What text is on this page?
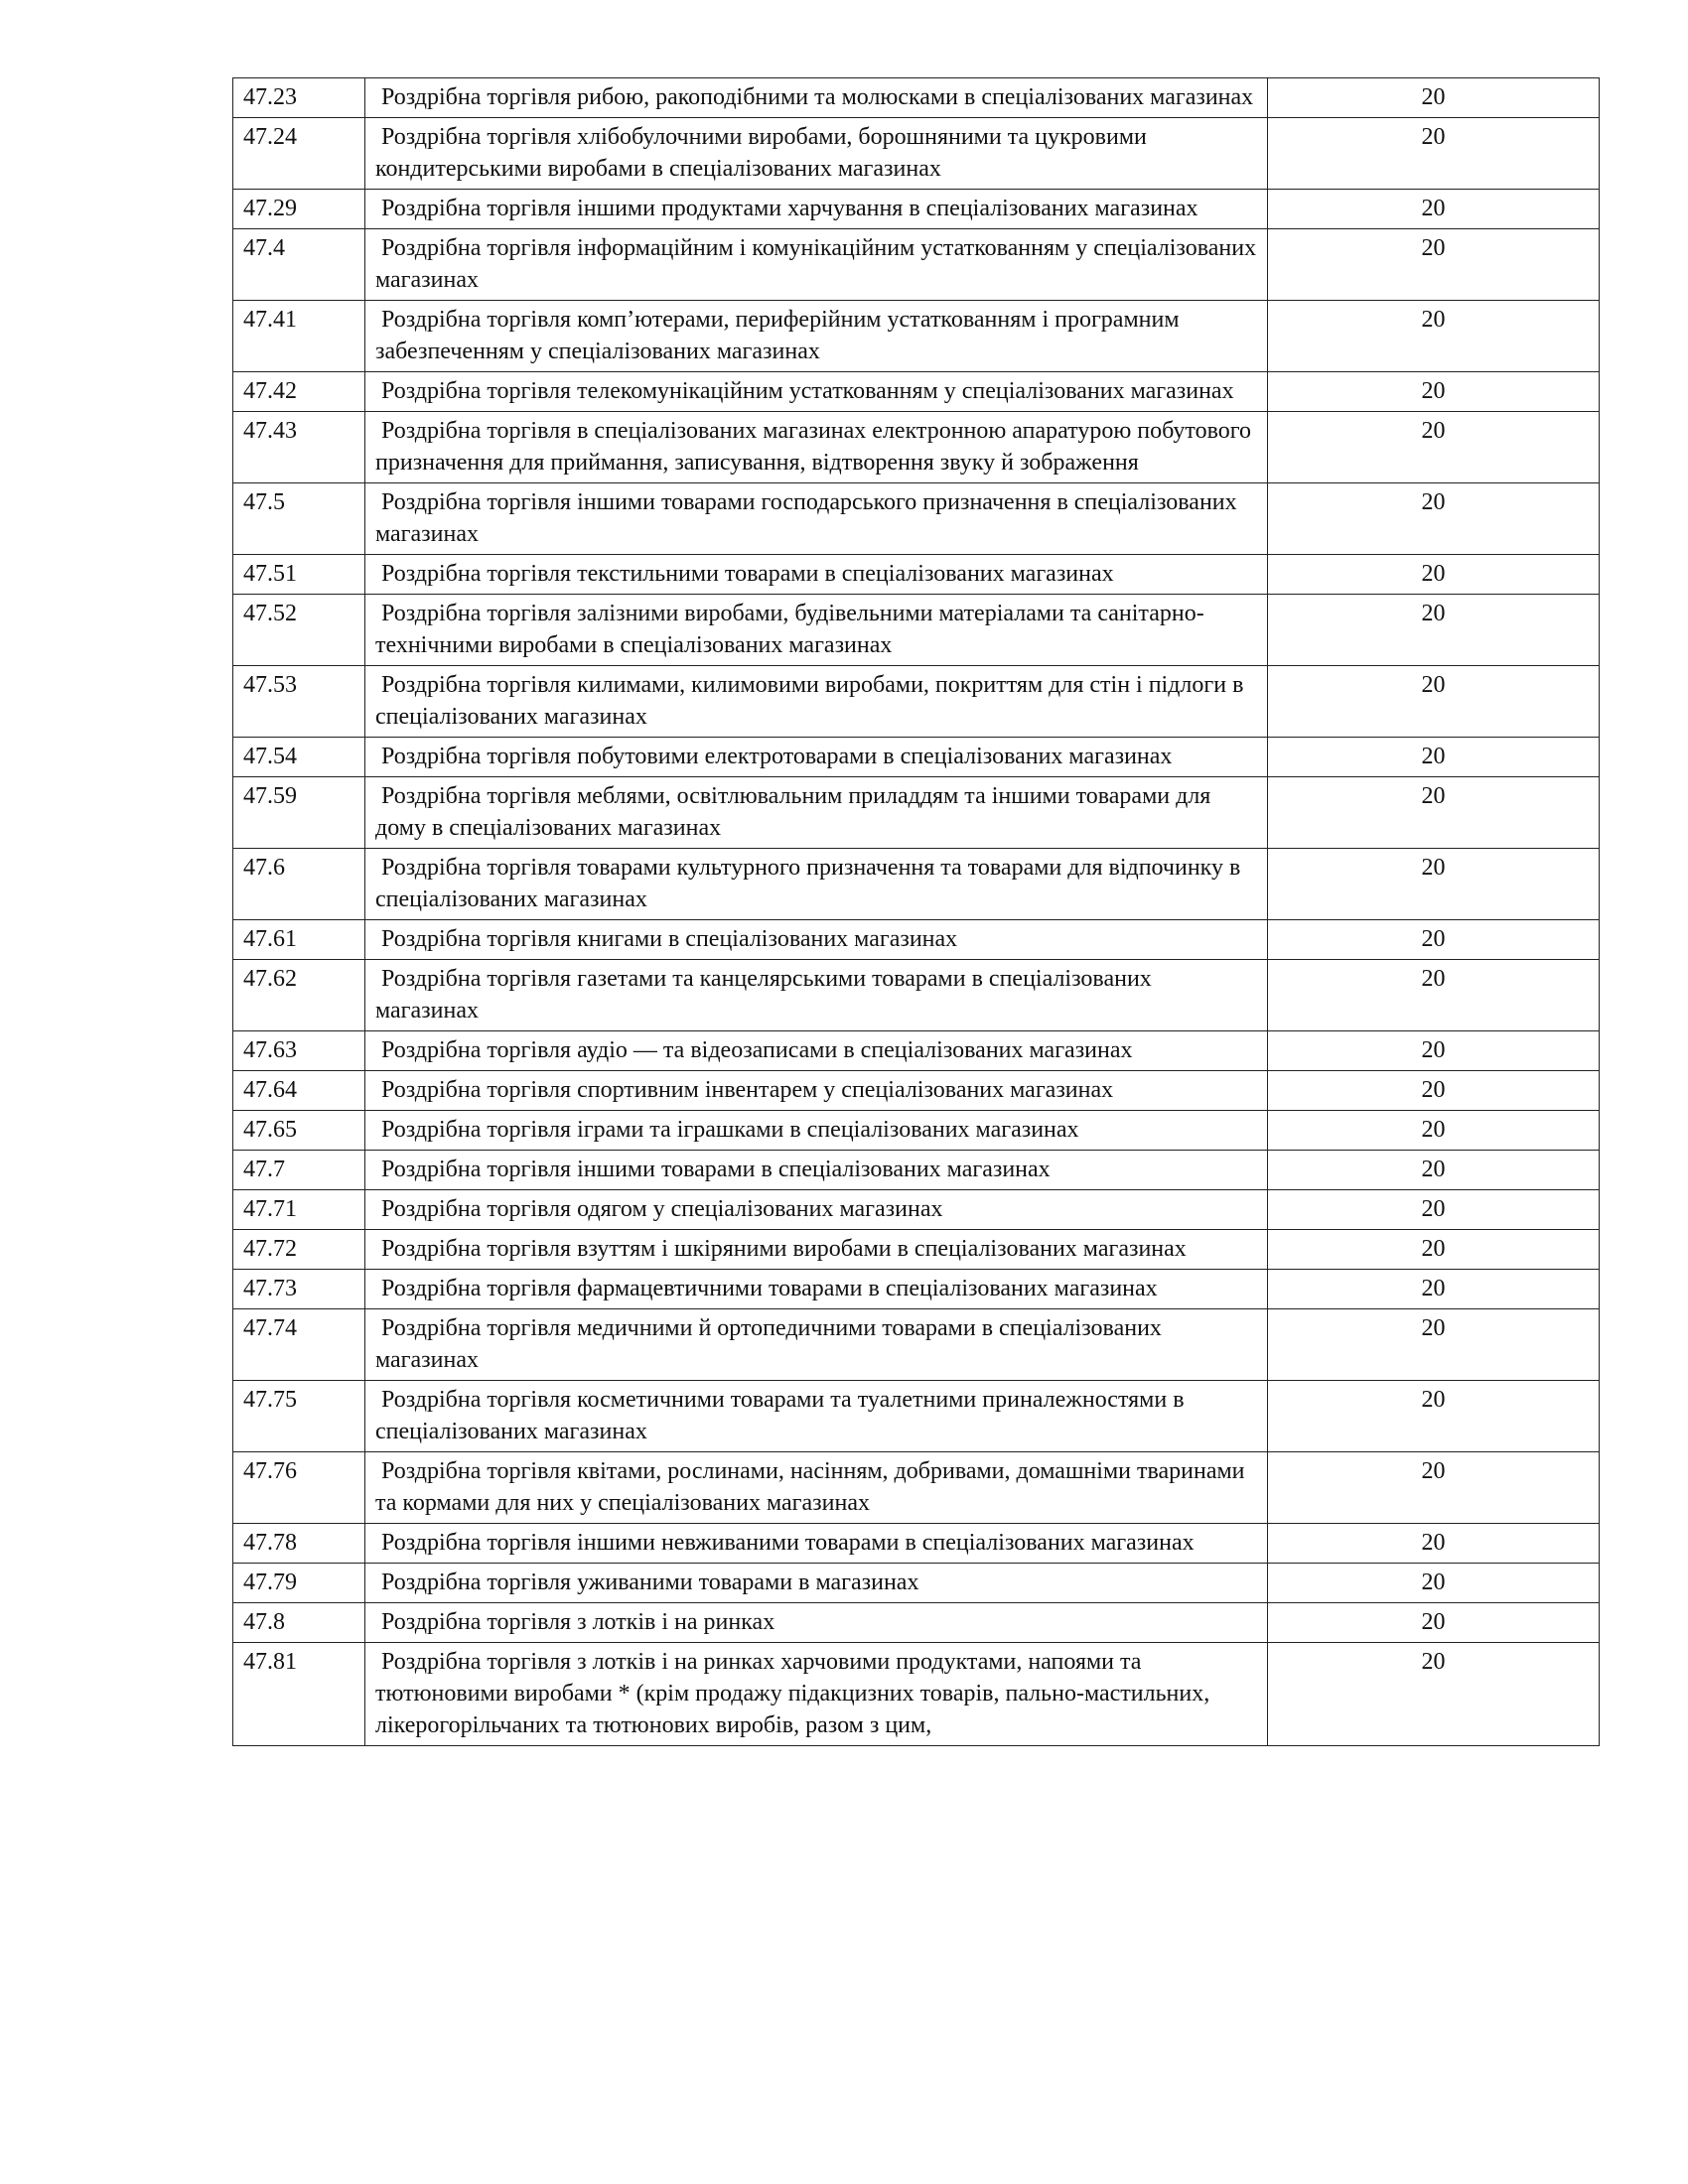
47.23	Роздрібна торгівля рибою, ракоподібними та молюсками в спеціалізованих магазинах	20
47.24	Роздрібна торгівля хлібобулочними виробами, борошняними та цукровими кондитерськими виробами в спеціалізованих магазинах	20
47.29	Роздрібна торгівля іншими продуктами харчування в спеціалізованих магазинах	20
47.4	Роздрібна торгівля інформаційним і комунікаційним устаткованням у спеціалізованих магазинах	20
47.41	Роздрібна торгівля комп’ютерами, периферійним устаткованням і програмним забезпеченням у спеціалізованих магазинах	20
47.42	Роздрібна торгівля телекомунікаційним устаткованням у спеціалізованих магазинах	20
47.43	Роздрібна торгівля в спеціалізованих магазинах електронною апаратурою побутового призначення для приймання, записування, відтворення звуку й зображення	20
47.5	Роздрібна торгівля іншими товарами господарського призначення в спеціалізованих магазинах	20
47.51	Роздрібна торгівля текстильними товарами в спеціалізованих магазинах	20
47.52	Роздрібна торгівля залізними виробами, будівельними матеріалами та санітарно-технічними виробами в спеціалізованих магазинах	20
47.53	Роздрібна торгівля килимами, килимовими виробами, покриттям для стін і підлоги в спеціалізованих магазинах	20
47.54	Роздрібна торгівля побутовими електротоварами в спеціалізованих магазинах	20
47.59	Роздрібна торгівля меблями, освітлювальним приладдям та іншими товарами для дому в спеціалізованих магазинах	20
47.6	Роздрібна торгівля товарами культурного призначення та товарами для відпочинку в спеціалізованих магазинах	20
47.61	Роздрібна торгівля книгами в спеціалізованих магазинах	20
47.62	Роздрібна торгівля газетами та канцелярськими товарами в спеціалізованих магазинах	20
47.63	Роздрібна торгівля аудіо — та відеозаписами в спеціалізованих магазинах	20
47.64	Роздрібна торгівля спортивним інвентарем у спеціалізованих магазинах	20
47.65	Роздрібна торгівля іграми та іграшками в спеціалізованих магазинах	20
47.7	Роздрібна торгівля іншими товарами в спеціалізованих магазинах	20
47.71	Роздрібна торгівля одягом у спеціалізованих магазинах	20
47.72	Роздрібна торгівля взуттям і шкіряними виробами в спеціалізованих магазинах	20
47.73	Роздрібна торгівля фармацевтичними товарами в спеціалізованих магазинах	20
47.74	Роздрібна торгівля медичними й ортопедичними товарами в спеціалізованих магазинах	20
47.75	Роздрібна торгівля косметичними товарами та туалетними приналежностями в спеціалізованих магазинах	20
47.76	Роздрібна торгівля квітами, рослинами, насінням, добривами, домашніми тваринами та кормами для них у спеціалізованих магазинах	20
47.78	Роздрібна торгівля іншими невживаними товарами в спеціалізованих магазинах	20
47.79	Роздрібна торгівля уживаними товарами в магазинах	20
47.8	Роздрібна торгівля з лотків і на ринках	20
47.81	Роздрібна торгівля з лотків і на ринках харчовими продуктами, напоями та тютюновими виробами * (крім продажу підакцизних товарів, пально-мастильних, лікерогорільчаних та тютюнових виробів, разом з цим,	20
